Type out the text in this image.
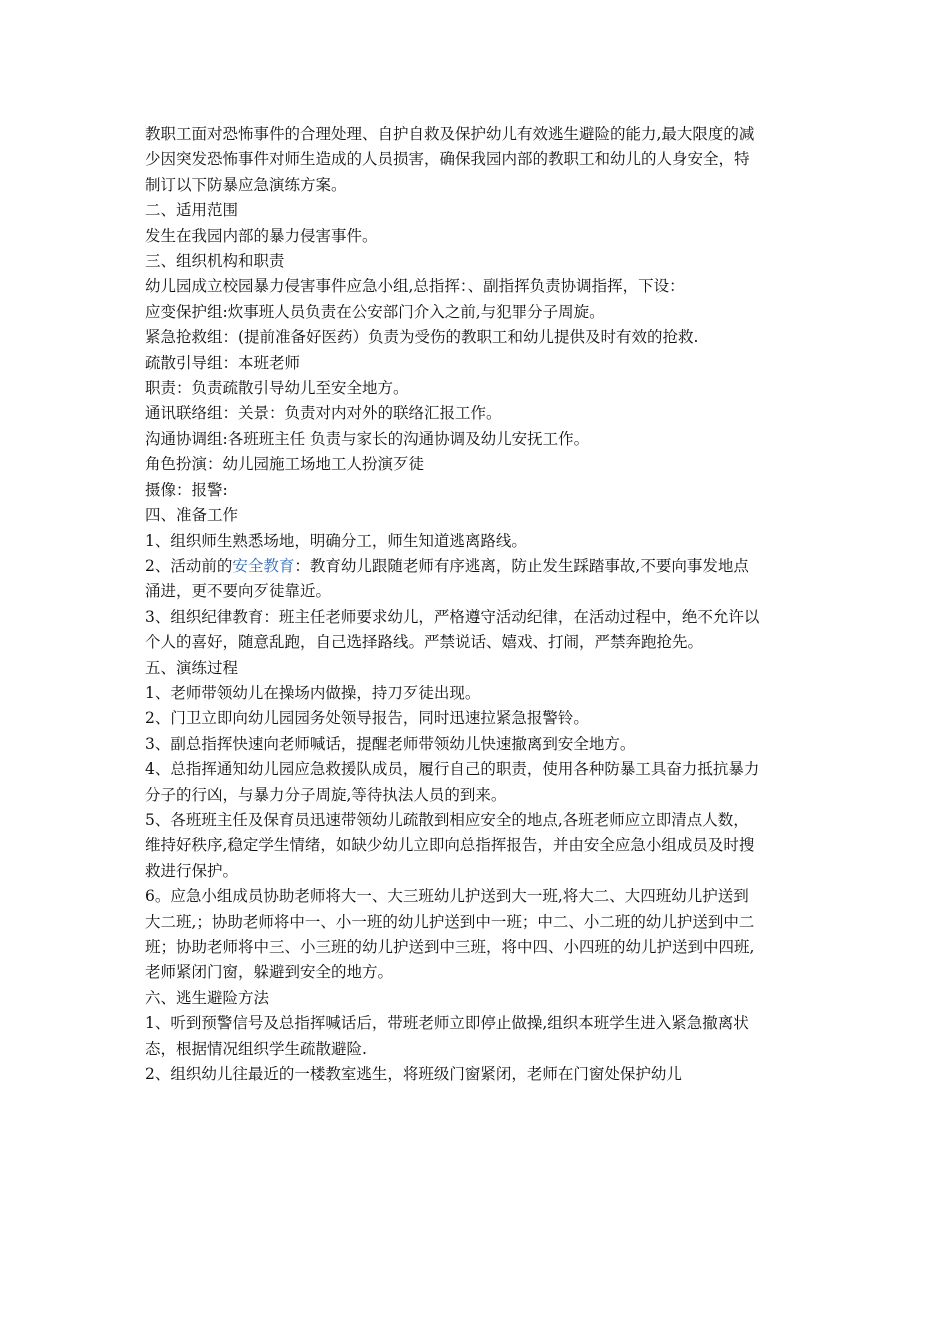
教职工面对恐怖事件的合理处理、自护自救及保护幼儿有效逃生避险的能力,最大限度的减
少因突发恐怖事件对师生造成的人员损害，确保我园内部的教职工和幼儿的人身安全，特
制订以下防暴应急演练方案。
二、适用范围
发生在我园内部的暴力侵害事件。
三、组织机构和职责
幼儿园成立校园暴力侵害事件应急小组,总指挥：、副指挥负责协调指挥，下设：
应变保护组:炊事班人员负责在公安部门介入之前,与犯罪分子周旋。
紧急抢救组：(提前准备好医药）负责为受伤的教职工和幼儿提供及时有效的抢救.
疏散引导组：本班老师
职责：负责疏散引导幼儿至安全地方。
通讯联络组：关景：负责对内对外的联络汇报工作。
沟通协调组:各班班主任 负责与家长的沟通协调及幼儿安抚工作。
角色扮演：幼儿园施工场地工人扮演歹徒
摄像：报警:
四、准备工作
1、组织师生熟悉场地，明确分工，师生知道逃离路线。
2、活动前的安全教育：教育幼儿跟随老师有序逃离，防止发生踩踏事故,不要向事发地点
涌进，更不要向歹徒靠近。
3、组织纪律教育：班主任老师要求幼儿，严格遵守活动纪律，在活动过程中，绝不允许以
个人的喜好，随意乱跑，自己选择路线。严禁说话、嬉戏、打闹，严禁奔跑抢先。
五、演练过程
1、老师带领幼儿在操场内做操，持刀歹徒出现。
2、门卫立即向幼儿园园务处领导报告，同时迅速拉紧急报警铃。
3、副总指挥快速向老师喊话，提醒老师带领幼儿快速撤离到安全地方。
4、总指挥通知幼儿园应急救援队成员，履行自己的职责，使用各种防暴工具奋力抵抗暴力
分子的行凶，与暴力分子周旋,等待执法人员的到来。
5、各班班主任及保育员迅速带领幼儿疏散到相应安全的地点,各班老师应立即清点人数，
维持好秩序,稳定学生情绪，如缺少幼儿立即向总指挥报告，并由安全应急小组成员及时搜
救进行保护。
6。应急小组成员协助老师将大一、大三班幼儿护送到大一班,将大二、大四班幼儿护送到
大二班,；协助老师将中一、小一班的幼儿护送到中一班；中二、小二班的幼儿护送到中二
班；协助老师将中三、小三班的幼儿护送到中三班，将中四、小四班的幼儿护送到中四班,
老师紧闭门窗，躲避到安全的地方。
六、逃生避险方法
1、听到预警信号及总指挥喊话后，带班老师立即停止做操,组织本班学生进入紧急撤离状
态，根据情况组织学生疏散避险.
2、组织幼儿往最近的一楼教室逃生，将班级门窗紧闭，老师在门窗处保护幼儿
